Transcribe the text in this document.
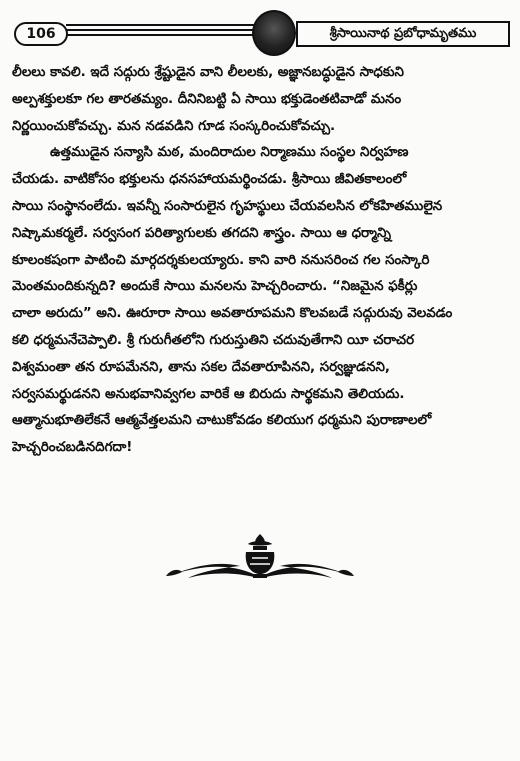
106	శ్రీసాయినాథ ప్రబోధామృతము
లీలలు కావలి. ఇదే సద్గురు శ్రేష్టుడైన వాని లీలలకు, అజ్ఞానబద్ధుడైన సాధకుని
అల్పశక్తులకూ గల తారతమ్యం. దీనినిబట్టి ఏ సాయి భక్తుడెంతటివాడో మనం
నిర్ణయించుకోవచ్చు. మన నడవడిని గూడ సంస్కరించుకోవచ్చు.
ఉత్తముడైన సన్యాసి మఠ, మందిరాదుల నిర్మాణము సంస్థల నిర్వహణ
చేయడు. వాటికోసం భక్తులను ధనసహాయమర్థించడు. శ్రీసాయి జీవితకాలంలో
సాయి సంస్థానంలేదు. ఇవన్నీ సంసారులైన గృహస్థులు చేయవలసిన లోకహితములైన
నిష్కామకర్మలే. సర్వసంగ పరిత్యాగులకు తగదని శాస్త్రం. సాయి ఆ ధర్మాన్ని
కూలంకషంగా పాటించి మార్గదర్శకులయ్యారు. కాని వారి ననుసరించ గల సంస్కారి
మెంతమందికున్నది? అందుకే సాయి మనలను హెచ్చరించారు. “నిజమైన ఫకీర్లు
చాలా అరుదు” అని. ఊరూరా సాయి అవతారూపమని కొలవబడే సద్గురువు వెలవడం
కలి ధర్మమనేచెప్పాలి. శ్రీ గురుగీతలోని గురుస్తుతిని చదువుతేగాని యీ చరాచర
విశ్వమంతా తన రూపమేనని, తాను సకల దేవతారూపినని, సర్వజ్ఞుడనని,
సర్వసమర్థుడనని అనుభవానివ్వగల వారికే ఆ బిరుదు సార్థకమని తెలియదు.
ఆత్మానుభూతిలేకనే ఆత్మవేత్తలమని చాటుకోవడం కలియుగ ధర్మమని పురాణాలలో
హెచ్చరించబడినదిగదా!
